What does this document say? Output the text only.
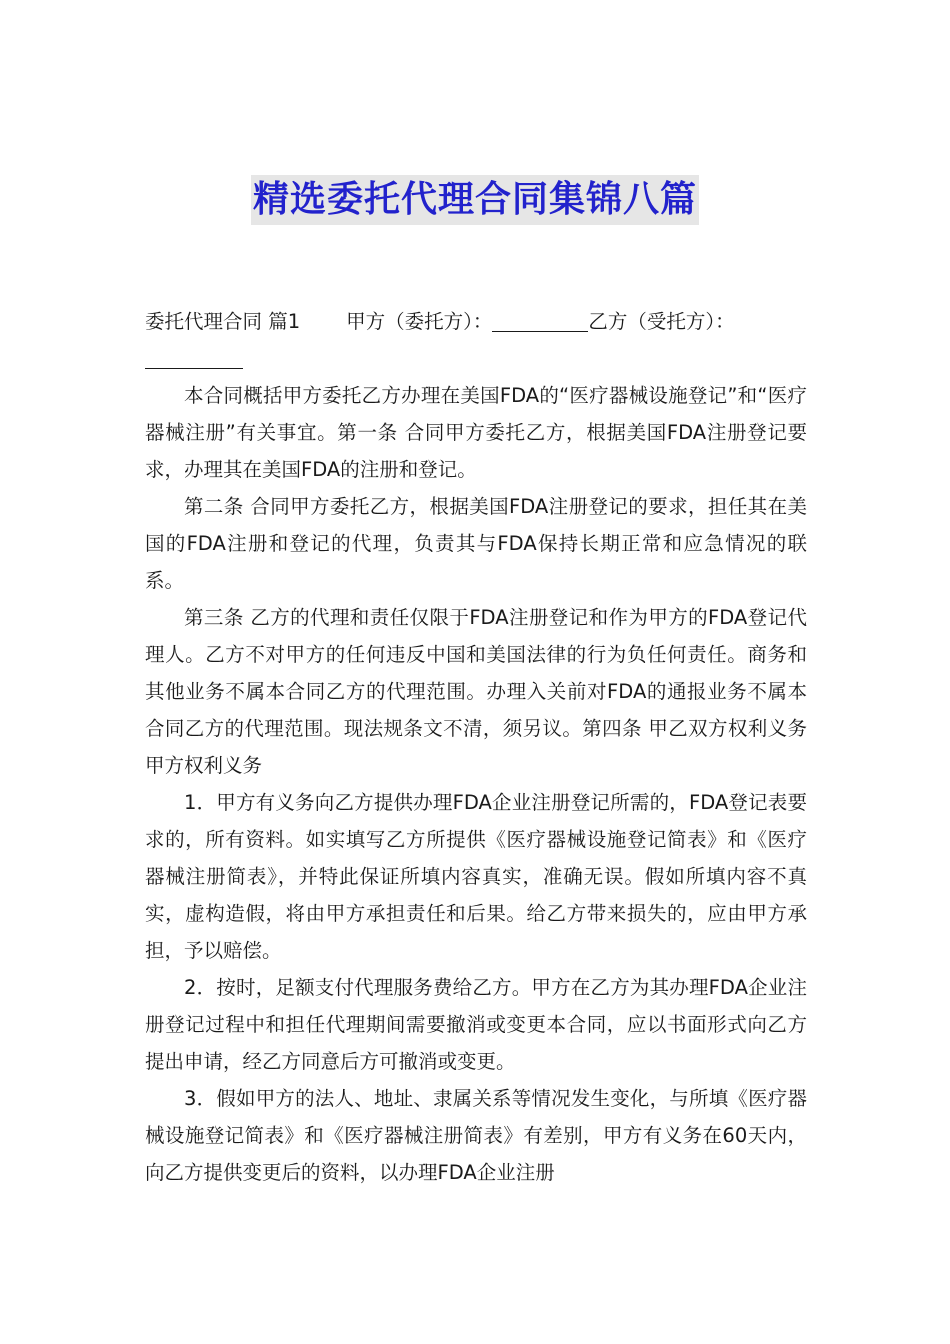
精选委托代理合同集锦八篇
委托代理合同 篇1 甲方（委托方）：	乙方（受托方）：

本合同概括甲方委托乙方办理在美国FDA的“医疗器械设施登记”和“医疗器械注册”有关事宜。第一条 合同甲方委托乙方，根据美国FDA注册登记要求，办理其在美国FDA的注册和登记。

第二条 合同甲方委托乙方，根据美国FDA注册登记的要求，担任其在美国的FDA注册和登记的代理，负责其与FDA保持长期正常和应急情况的联系。

第三条 乙方的代理和责任仅限于FDA注册登记和作为甲方的FDA登记代理人。乙方不对甲方的任何违反中国和美国法律的行为负任何责任。商务和其他业务不属本合同乙方的代理范围。办理入关前对FDA的通报业务不属本合同乙方的代理范围。现法规条文不清，须另议。第四条 甲乙双方权利义务甲方权利义务

1．甲方有义务向乙方提供办理FDA企业注册登记所需的，FDA登记表要求的，所有资料。如实填写乙方所提供《医疗器械设施登记简表》和《医疗器械注册简表》，并特此保证所填内容真实，准确无误。假如所填内容不真实，虚构造假，将由甲方承担责任和后果。给乙方带来损失的，应由甲方承担，予以赔偿。

2．按时，足额支付代理服务费给乙方。甲方在乙方为其办理FDA企业注册登记过程中和担任代理期间需要撤消或变更本合同，应以书面形式向乙方提出申请，经乙方同意后方可撤消或变更。

3．假如甲方的法人、地址、隶属关系等情况发生变化，与所填《医疗器械设施登记简表》和《医疗器械注册简表》有差别，甲方有义务在60天内，向乙方提供变更后的资料，以办理FDA企业注册
